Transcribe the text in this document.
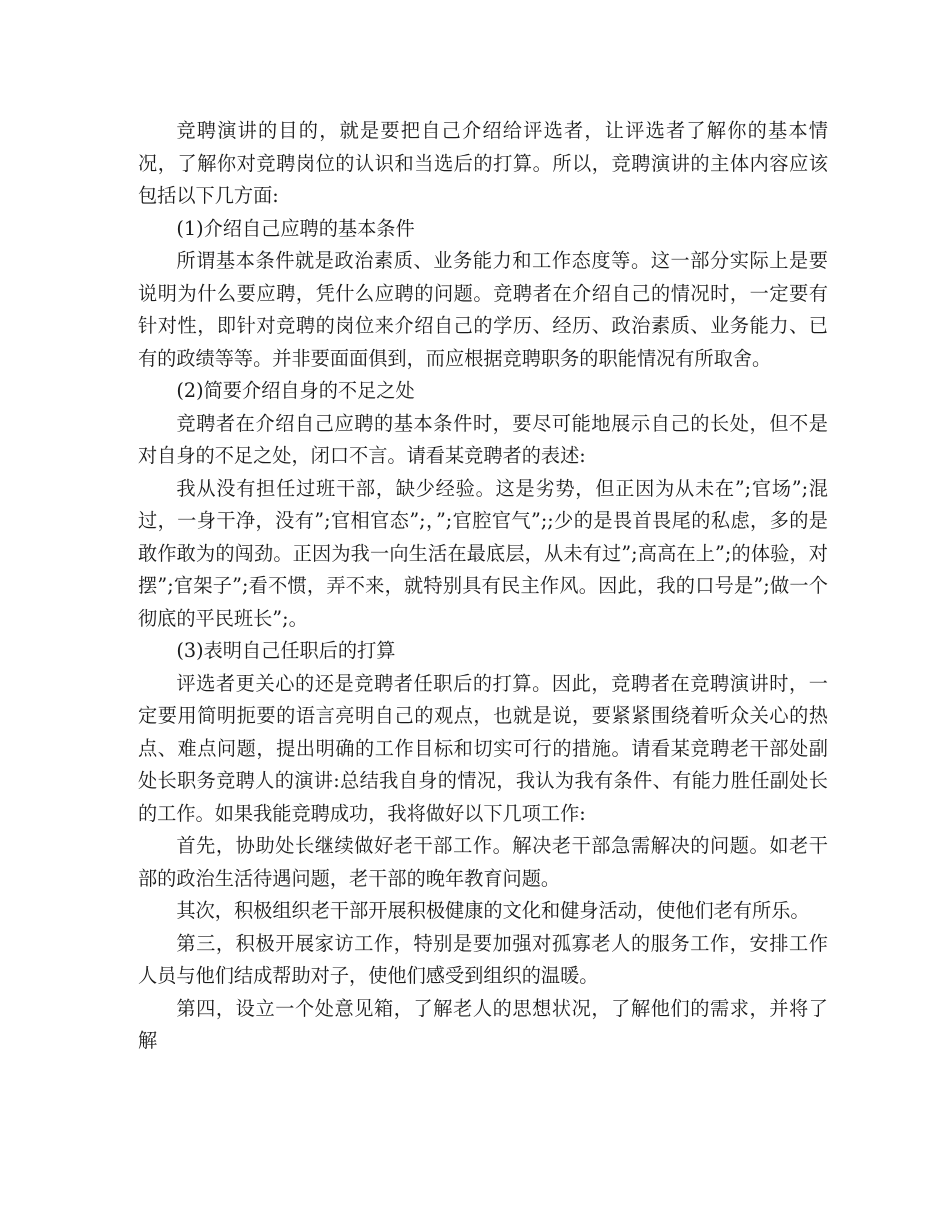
竞聘演讲的目的，就是要把自己介绍给评选者，让评选者了解你的基本情况，了解你对竞聘岗位的认识和当选后的打算。所以，竞聘演讲的主体内容应该包括以下几方面:

(1)介绍自己应聘的基本条件

所谓基本条件就是政治素质、业务能力和工作态度等。这一部分实际上是要说明为什么要应聘，凭什么应聘的问题。竞聘者在介绍自己的情况时，一定要有针对性，即针对竞聘的岗位来介绍自己的学历、经历、政治素质、业务能力、已有的政绩等等。并非要面面俱到，而应根据竞聘职务的职能情况有所取舍。

(2)简要介绍自身的不足之处

竞聘者在介绍自己应聘的基本条件时，要尽可能地展示自己的长处，但不是对自身的不足之处，闭口不言。请看某竞聘者的表述:

我从没有担任过班干部，缺少经验。这是劣势，但正因为从未在”;官场”;混过，一身干净，没有”;官相官态”;，”;官腔官气”;;少的是畏首畏尾的私虑，多的是敢作敢为的闯劲。正因为我一向生活在最底层，从未有过”;高高在上”;的体验，对摆”;官架子”;看不惯，弄不来，就特别具有民主作风。因此，我的口号是”;做一个彻底的平民班长”;。

(3)表明自己任职后的打算

评选者更关心的还是竞聘者任职后的打算。因此，竞聘者在竞聘演讲时，一定要用简明扼要的语言亮明自己的观点，也就是说，要紧紧围绕着听众关心的热点、难点问题，提出明确的工作目标和切实可行的措施。请看某竞聘老干部处副处长职务竞聘人的演讲:总结我自身的情况，我认为我有条件、有能力胜任副处长的工作。如果我能竞聘成功，我将做好以下几项工作:

首先，协助处长继续做好老干部工作。解决老干部急需解决的问题。如老干部的政治生活待遇问题，老干部的晚年教育问题。

其次，积极组织老干部开展积极健康的文化和健身活动，使他们老有所乐。

第三，积极开展家访工作，特别是要加强对孤寡老人的服务工作，安排工作人员与他们结成帮助对子，使他们感受到组织的温暖。

第四，设立一个处意见箱，了解老人的思想状况，了解他们的需求，并将了解
